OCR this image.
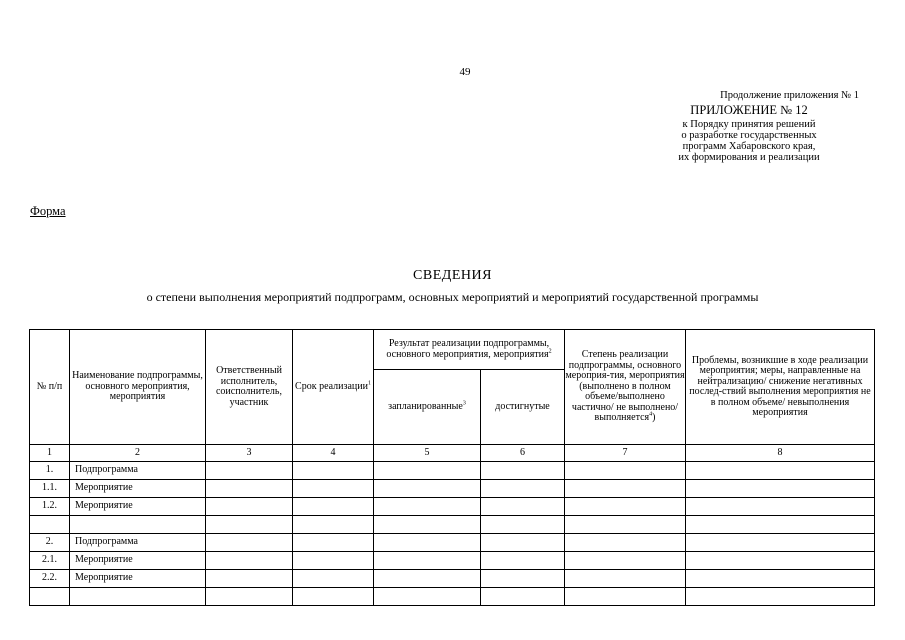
49
Продолжение приложения № 1
ПРИЛОЖЕНИЕ № 12
к Порядку принятия решений
о разработке государственных
программ Хабаровского края,
их формирования и реализации
Форма
СВЕДЕНИЯ
о степени выполнения мероприятий подпрограмм, основных мероприятий и мероприятий государственной программы
№ п/п	Наименование подпрограммы, основного мероприятия, мероприятия	Ответственный исполнитель, соисполнитель, участник	Срок реализации$^1$	Результат реализации подпрограммы, основного мероприятия, мероприятия$^2$		Степень реализации подпрограммы, основного мероприя-тия, мероприятия (выполнено в полном объеме/выполнено частично/ не выполнено/ выполняется$^4$)	Проблемы, возникшие в ходе реализации мероприятия; меры, направленные на нейтрализацию/ снижение негативных послед-ствий выполнения мероприятия не в полном объеме/ невыполнения мероприятия
				запланированные$^3$	достигнутые		
1	2	3	4	5	6	7	8
1.	Подпрограмма						
1.1.	Мероприятие						
1.2.	Мероприятие						

2.	Подпрограмма						
2.1.	Мероприятие						
2.2.	Мероприятие						
